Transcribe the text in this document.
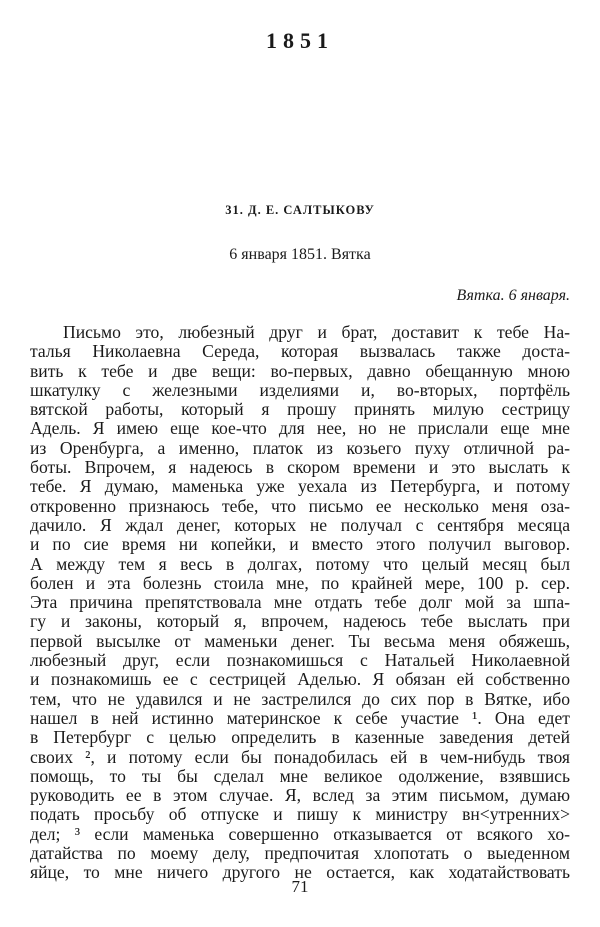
1851
31. Д. Е. САЛТЫКОВУ
6 января 1851. Вятка
Вятка. 6 января.
Письмо это, любезный друг и брат, доставит к тебе На-
талья Николаевна Середа, которая вызвалась также доста-
вить к тебе и две вещи: во-первых, давно обещанную мною
шкатулку с железными изделиями и, во-вторых, портфёль
вятской работы, который я прошу принять милую сестрицу
Адель. Я имею еще кое-что для нее, но не прислали еще мне
из Оренбурга, а именно, платок из козьего пуху отличной ра-
боты. Впрочем, я надеюсь в скором времени и это выслать к
тебе. Я думаю, маменька уже уехала из Петербурга, и потому
откровенно признаюсь тебе, что письмо ее несколько меня оза-
дачило. Я ждал денег, которых не получал с сентября месяца
и по сие время ни копейки, и вместо этого получил выговор.
А между тем я весь в долгах, потому что целый месяц был
болен и эта болезнь стоила мне, по крайней мере, 100 р. сер.
Эта причина препятствовала мне отдать тебе долг мой за шпа-
гу и законы, который я, впрочем, надеюсь тебе выслать при
первой высылке от маменьки денег. Ты весьма меня обяжешь,
любезный друг, если познакомишься с Натальей Николаевной
и познакомишь ее с сестрицей Аделью. Я обязан ей собственно
тем, что не удавился и не застрелился до сих пор в Вятке, ибо
нашел в ней истинно материнское к себе участие ¹. Она едет
в Петербург с целью определить в казенные заведения детей
своих ², и потому если бы понадобилась ей в чем-нибудь твоя
помощь, то ты бы сделал мне великое одолжение, взявшись
руководить ее в этом случае. Я, вслед за этим письмом, думаю
подать просьбу об отпуске и пишу к министру вн<утренних>
дел; ³ если маменька совершенно отказывается от всякого хо-
датайства по моему делу, предпочитая хлопотать о выеденном
яйце, то мне ничего другого не остается, как ходатайствовать
71
